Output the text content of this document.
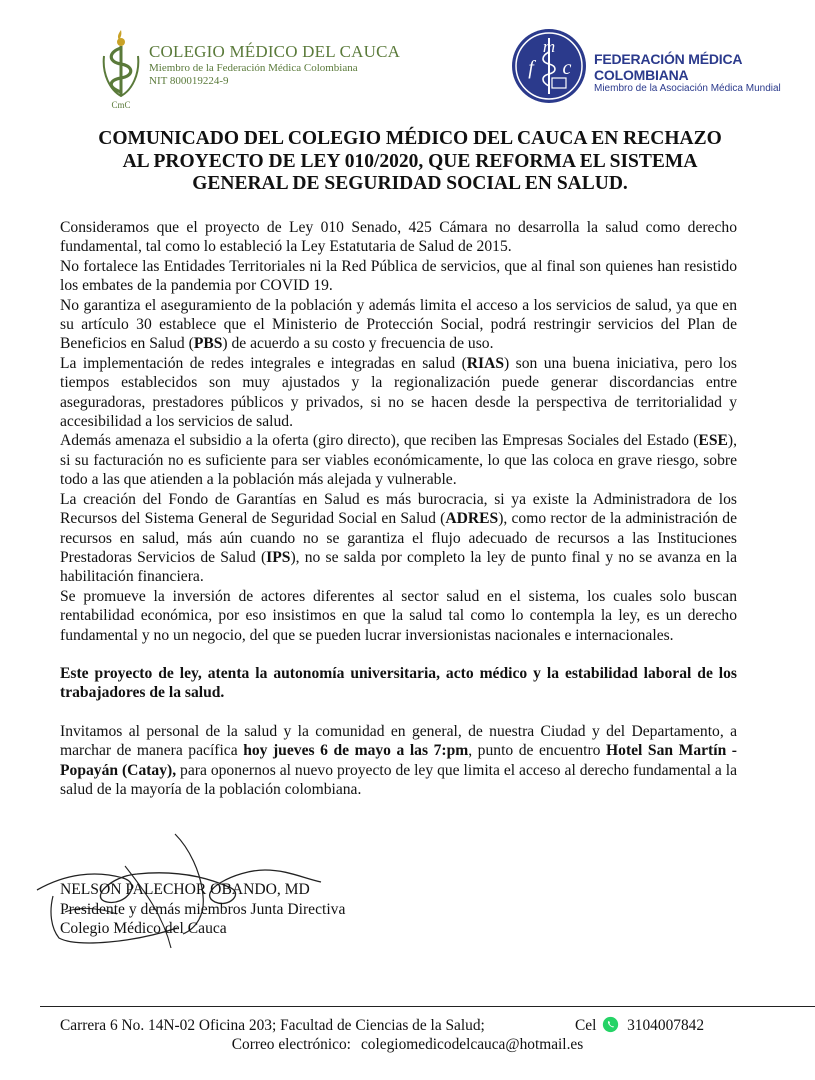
CmC
COLEGIO MÉDICO DEL CAUCA
Miembro de la Federación Médica Colombiana
NIT 800019224-9
m
f c FEDERACIÓN MÉDICA COLOMBIANA
Miembro de la Asociación Médica Mundial
COMUNICADO DEL COLEGIO MÉDICO DEL CAUCA EN RECHAZO
AL PROYECTO DE LEY 010/2020, QUE REFORMA EL SISTEMA
GENERAL DE SEGURIDAD SOCIAL EN SALUD.

Consideramos que el proyecto de Ley 010 Senado, 425 Cámara no desarrolla la salud como derecho fundamental, tal como lo estableció la Ley Estatutaria de Salud de 2015.

No fortalece las Entidades Territoriales ni la Red Pública de servicios, que al final son quienes han resistido los embates de la pandemia por COVID 19.

No garantiza el aseguramiento de la población y además limita el acceso a los servicios de salud, ya que en su artículo 30 establece que el Ministerio de Protección Social, podrá restringir servicios del Plan de Beneficios en Salud (PBS) de acuerdo a su costo y frecuencia de uso.

La implementación de redes integrales e integradas en salud (RIAS) son una buena iniciativa, pero los tiempos establecidos son muy ajustados y la regionalización puede generar discordancias entre aseguradoras, prestadores públicos y privados, si no se hacen desde la perspectiva de territorialidad y accesibilidad a los servicios de salud.

Además amenaza el subsidio a la oferta (giro directo), que reciben las Empresas Sociales del Estado (ESE), si su facturación no es suficiente para ser viables económicamente, lo que las coloca en grave riesgo, sobre todo a las que atienden a la población más alejada y vulnerable.

La creación del Fondo de Garantías en Salud es más burocracia, si ya existe la Administradora de los Recursos del Sistema General de Seguridad Social en Salud (ADRES), como rector de la administración de recursos en salud, más aún cuando no se garantiza el flujo adecuado de recursos a las Instituciones Prestadoras Servicios de Salud (IPS), no se salda por completo la ley de punto final y no se avanza en la habilitación financiera.

Se promueve la inversión de actores diferentes al sector salud en el sistema, los cuales solo buscan rentabilidad económica, por eso insistimos en que la salud tal como lo contempla la ley, es un derecho fundamental y no un negocio, del que se pueden lucrar inversionistas nacionales e internacionales.

Este proyecto de ley, atenta la autonomía universitaria, acto médico y la estabilidad laboral de los trabajadores de la salud.

Invitamos al personal de la salud y la comunidad en general, de nuestra Ciudad y del Departamento, a marchar de manera pacífica hoy jueves 6 de mayo a las 7:pm, punto de encuentro Hotel San Martín - Popayán (Catay), para oponernos al nuevo proyecto de ley que limita el acceso al derecho fundamental a la salud de la mayoría de la población colombiana.

NELSON PALECHOR OBANDO, MD

Presidente y demás miembros Junta Directiva

Colegio Médico del Cauca

Carrera 6 No. 14N-02 Oficina 203; Facultad de Ciencias de la Salud;	Cel 3104007842
Correo electrónico: colegiomedicodelcauca@hotmail.es
